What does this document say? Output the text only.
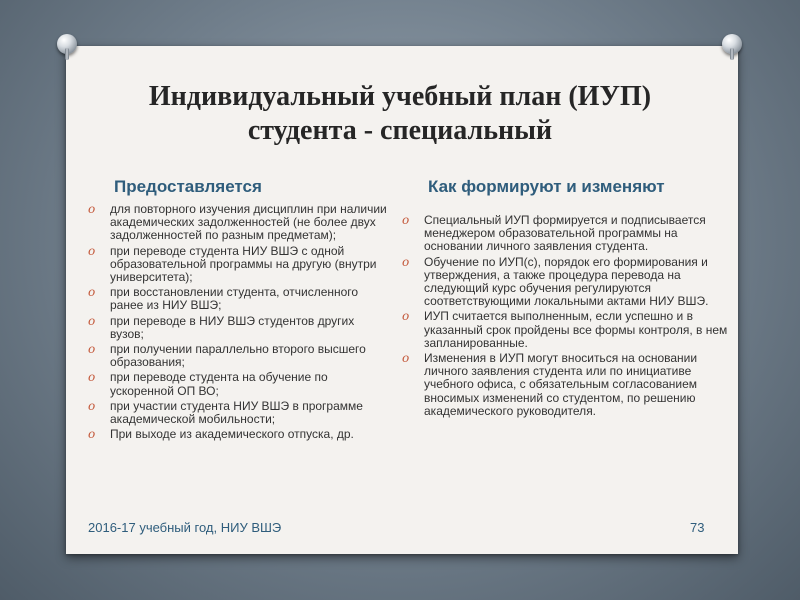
Индивидуальный учебный план (ИУП)
студента - специальный
Предоставляется	Как формируют и изменяют
o для повторного изучения дисциплин при наличии академических задолженностей (не более двух задолженностей по разным предметам);
o при переводе студента НИУ ВШЭ с одной образовательной программы на другую (внутри университета);
o при восстановлении студента, отчисленного ранее из НИУ ВШЭ;
o при переводе в НИУ ВШЭ студентов других вузов;
o при получении параллельно второго высшего образования;
o при переводе студента на обучение по ускоренной ОП ВО;
o при участии студента НИУ ВШЭ в программе академической мобильности;
o При выходе из академического отпуска, др.
o Специальный ИУП формируется и подписывается менеджером образовательной программы на основании личного заявления студента.
o Обучение по ИУП(с), порядок его формирования и утверждения, а также процедура перевода на следующий курс обучения регулируются соответствующими локальными актами НИУ ВШЭ.
o ИУП считается выполненным, если успешно и в указанный срок пройдены все формы контроля, в нем запланированные.
o Изменения в ИУП могут вноситься на основании личного заявления студента или по инициативе учебного офиса, с обязательным согласованием вносимых изменений со студентом, по решению академического руководителя.
2016-17 учебный год, НИУ ВШЭ	73
